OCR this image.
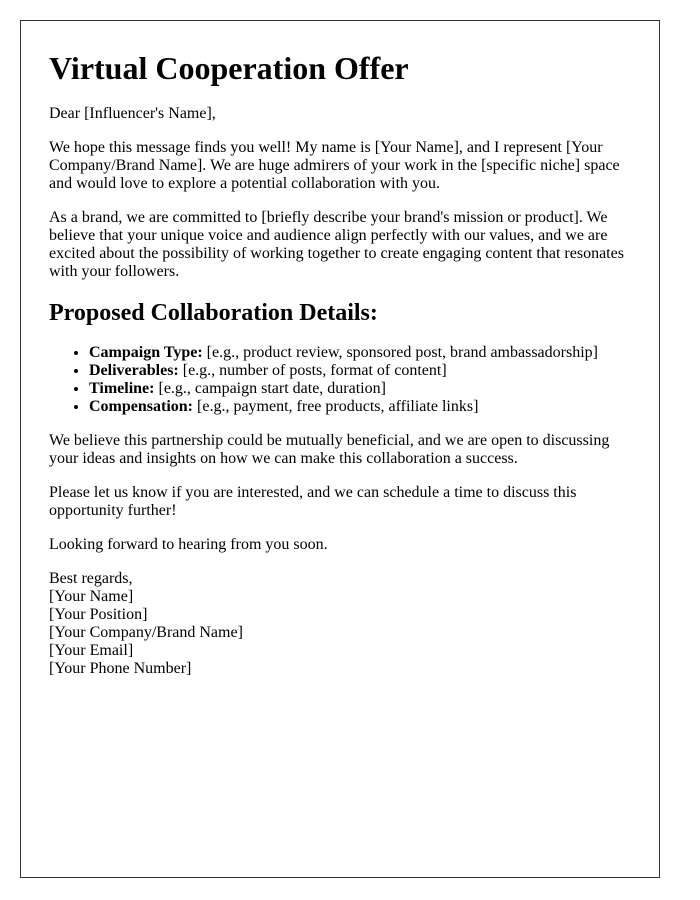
Virtual Cooperation Offer

Dear [Influencer's Name],

We hope this message finds you well! My name is [Your Name], and I represent [Your Company/Brand Name]. We are huge admirers of your work in the [specific niche] space and would love to explore a potential collaboration with you.

As a brand, we are committed to [briefly describe your brand's mission or product]. We believe that your unique voice and audience align perfectly with our values, and we are excited about the possibility of working together to create engaging content that resonates with your followers.

Proposed Collaboration Details:
• Campaign Type: [e.g., product review, sponsored post, brand ambassadorship]
• Deliverables: [e.g., number of posts, format of content]
• Timeline: [e.g., campaign start date, duration]
• Compensation: [e.g., payment, free products, affiliate links]

We believe this partnership could be mutually beneficial, and we are open to discussing your ideas and insights on how we can make this collaboration a success.

Please let us know if you are interested, and we can schedule a time to discuss this opportunity further!

Looking forward to hearing from you soon.

Best regards,
[Your Name]
[Your Position]
[Your Company/Brand Name]
[Your Email]
[Your Phone Number]
